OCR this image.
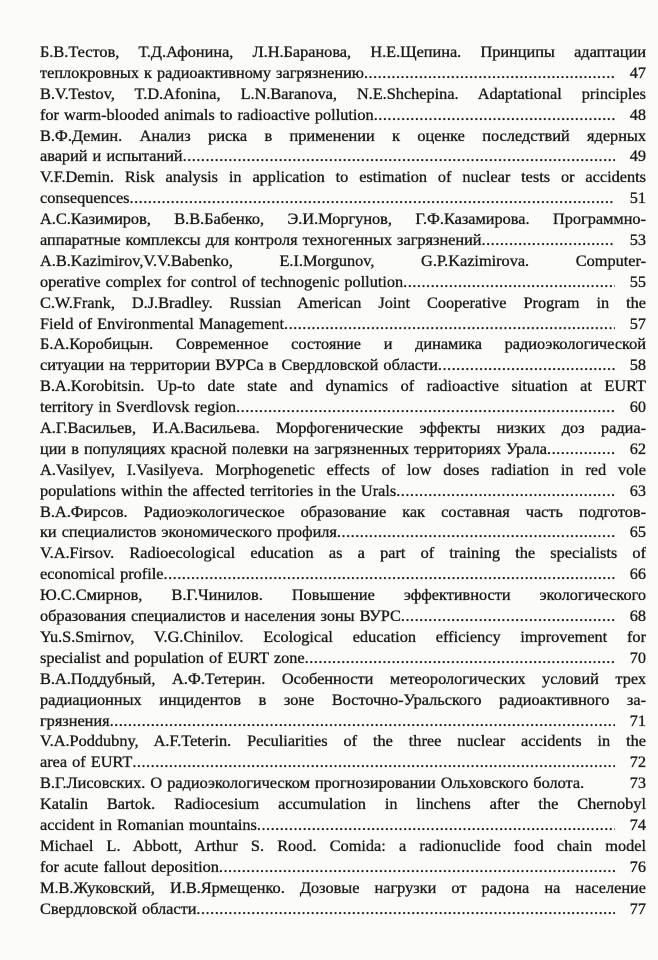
Б.В.Тестов, Т.Д.Афонина, Л.Н.Баранова, Н.Е.Щепина. Принципы адаптации
теплокровных к радиоактивному загрязнению .....	47
B.V.Testov, T.D.Afonina, L.N.Baranova, N.E.Shchepina. Adaptational principles
for warm-blooded animals to radioactive pollution .....	48
В.Ф.Демин. Анализ риска в применении к оценке последствий ядерных
аварий и испытаний .....	49
V.F.Demin. Risk analysis in application to estimation of nuclear tests or accidents
consequences .....	51
А.С.Казимиров, В.В.Бабенко, Э.И.Моргунов, Г.Ф.Казамирова. Программно-
аппаратные комплексы для контроля техногенных загрязнений .....	53
A.B.Kazimirov,V.V.Babenko, E.I.Morgunov, G.P.Kazimirova. Computer-
operative complex for control of technogenic pollution .....	55
C.W.Frank, D.J.Bradley. Russian American Joint Cooperative Program in the
Field of Environmental Management .....	57
Б.А.Коробицын. Современное состояние и динамика радиоэкологической
ситуации на территории ВУРСа в Свердловской области .....	58
B.A.Korobitsin. Up-to date state and dynamics of radioactive situation at EURT
territory in Sverdlovsk region .....	60
А.Г.Васильев, И.А.Васильева. Морфогенические эффекты низких доз радиа-
ции в популяциях красной полевки на загрязненных территориях Урала .....	62
A.Vasilyev, I.Vasilyeva. Morphogenetic effects of low doses radiation in red vole
populations within the affected territories in the Urals .....	63
В.А.Фирсов. Радиоэкологическое образование как составная часть подготов-
ки специалистов экономического профиля .....	65
V.A.Firsov. Radioecological education as a part of training the specialists of
economical profile .....	66
Ю.С.Смирнов, В.Г.Чинилов. Повышение эффективности экологического
образования специалистов и населения зоны ВУРС .....	68
Yu.S.Smirnov, V.G.Chinilov. Ecological education efficiency improvement for
specialist and population of EURT zone .....	70
В.А.Поддубный, А.Ф.Тетерин. Особенности метеорологических условий трех
радиационных инцидентов в зоне Восточно-Уральского радиоактивного за-
грязнения .....	71
V.A.Poddubny, A.F.Teterin. Peculiarities of the three nuclear accidents in the
area of EURT .....	72
В.Г.Лисовских. О радиоэкологическом прогнозировании Ольховского болота.	73
Katalin Bartok. Radiocesium accumulation in linchens after the Chernobyl
accident in Romanian mountains .....	74
Michael L. Abbott, Arthur S. Rood. Comida: a radionuclide food chain model
for acute fallout deposition .....	76
М.В.Жуковский, И.В.Ярмещенко. Дозовые нагрузки от радона на население
Свердловской области .....	77
